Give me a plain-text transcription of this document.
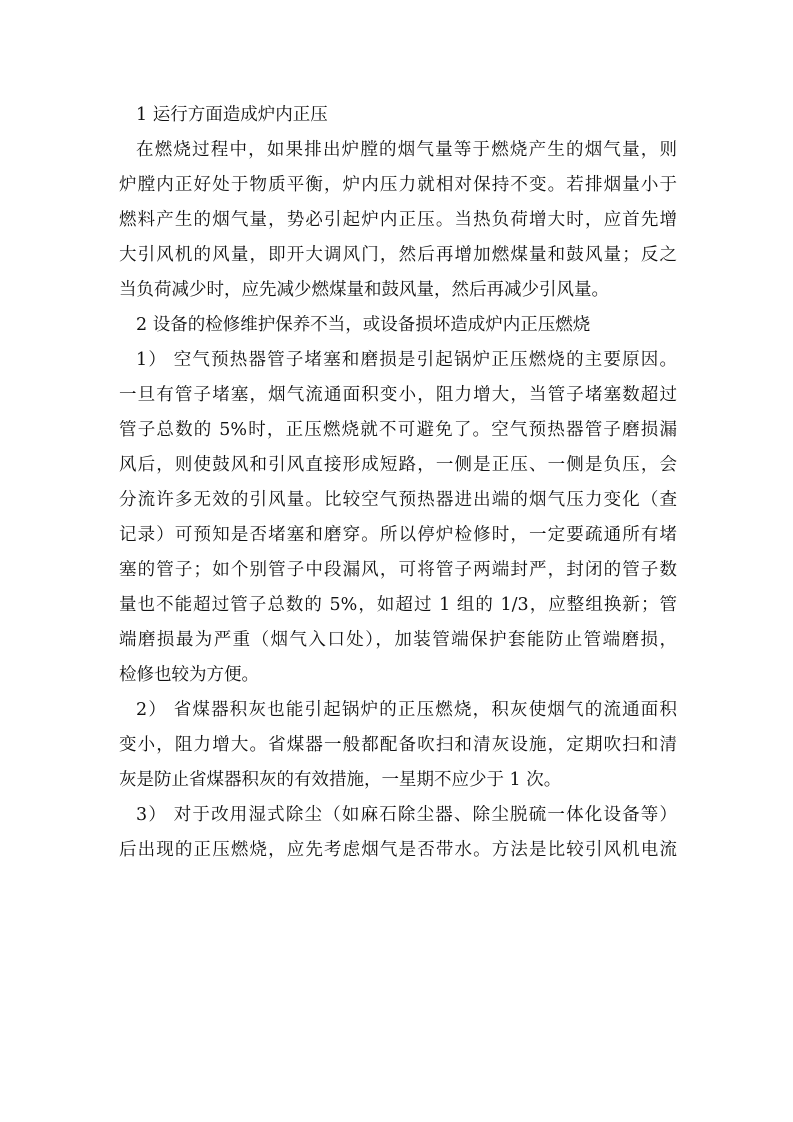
1 运行方面造成炉内正压
在燃烧过程中，如果排出炉膛的烟气量等于燃烧产生的烟气量，则
炉膛内正好处于物质平衡，炉内压力就相对保持不变。若排烟量小于
燃料产生的烟气量，势必引起炉内正压。当热负荷增大时，应首先增
大引风机的风量，即开大调风门，然后再增加燃煤量和鼓风量；反之
当负荷减少时，应先减少燃煤量和鼓风量，然后再减少引风量。
2 设备的检修维护保养不当，或设备损坏造成炉内正压燃烧
1） 空气预热器管子堵塞和磨损是引起锅炉正压燃烧的主要原因。
一旦有管子堵塞，烟气流通面积变小，阻力增大，当管子堵塞数超过
管子总数的 5%时，正压燃烧就不可避免了。空气预热器管子磨损漏
风后，则使鼓风和引风直接形成短路，一侧是正压、一侧是负压，会
分流许多无效的引风量。比较空气预热器进出端的烟气压力变化（查
记录）可预知是否堵塞和磨穿。所以停炉检修时，一定要疏通所有堵
塞的管子；如个别管子中段漏风，可将管子两端封严，封闭的管子数
量也不能超过管子总数的 5%，如超过 1 组的 1/3，应整组换新；管
端磨损最为严重（烟气入口处），加装管端保护套能防止管端磨损，
检修也较为方便。
2） 省煤器积灰也能引起锅炉的正压燃烧，积灰使烟气的流通面积
变小，阻力增大。省煤器一般都配备吹扫和清灰设施，定期吹扫和清
灰是防止省煤器积灰的有效措施，一星期不应少于 1 次。
3） 对于改用湿式除尘（如麻石除尘器、除尘脱硫一体化设备等）
后出现的正压燃烧，应先考虑烟气是否带水。方法是比较引风机电流
